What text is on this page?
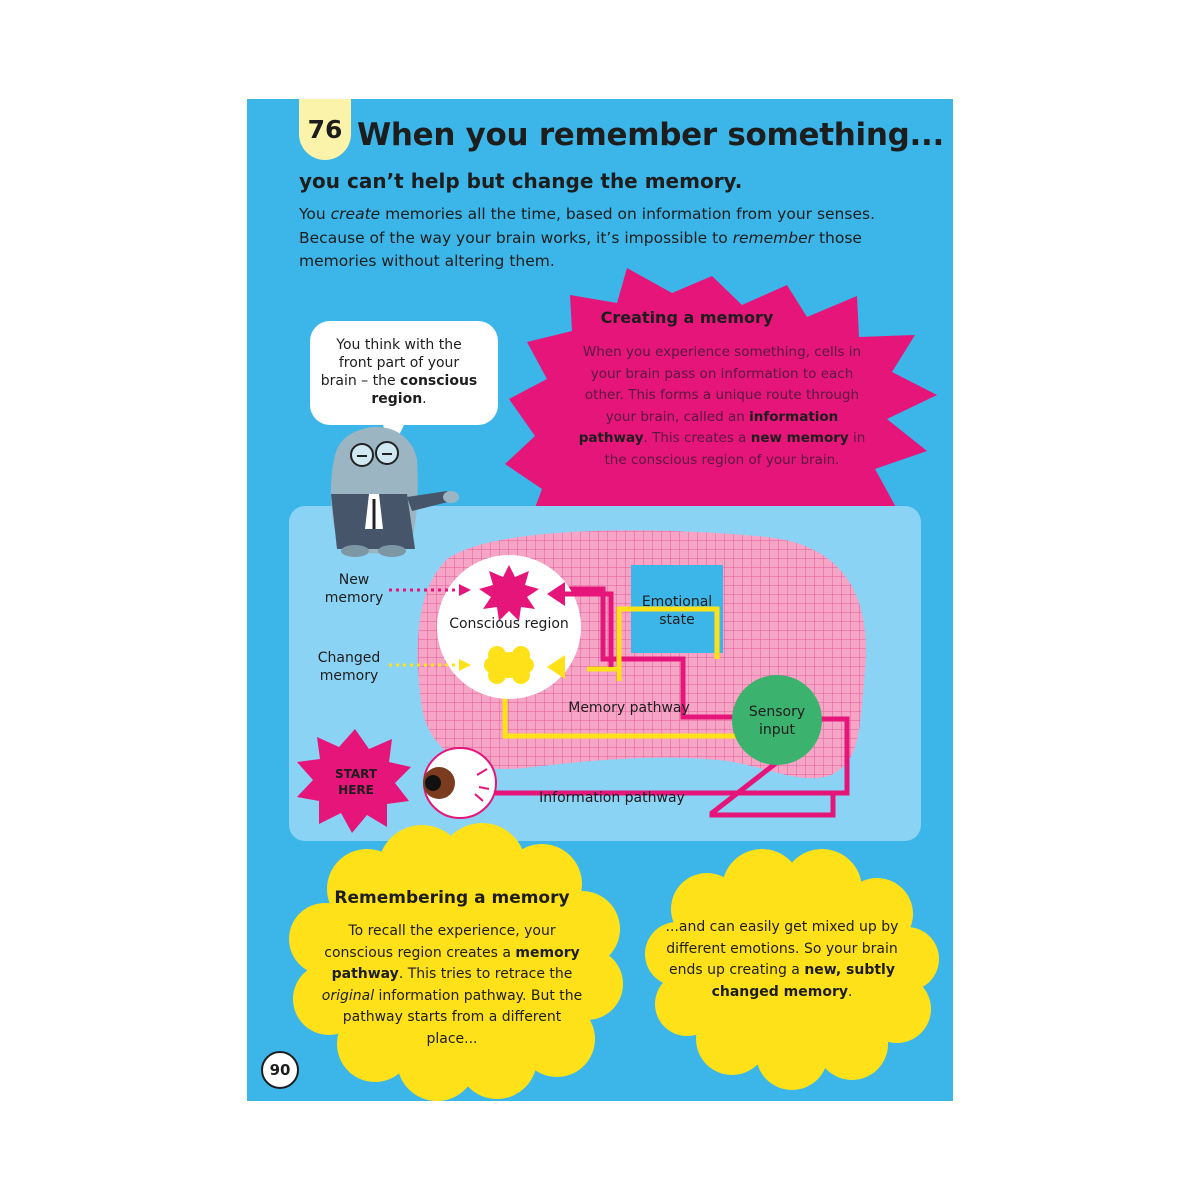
76 When you remember something...
you can’t help but change the memory.
You create memories all the time, based on information from your senses. Because of the way your brain works, it’s impossible to remember those memories without altering them.
You think with the front part of your brain – the conscious region.
Creating a memory
When you experience something, cells in your brain pass on information to each other. This forms a unique route through your brain, called an information pathway. This creates a new memory in the conscious region of your brain.
New memory
Changed memory
Conscious region
Emotional state
Sensory input
Memory pathway
Information pathway
START HERE
Remembering a memory
To recall the experience, your conscious region creates a memory pathway. This tries to retrace the original information pathway. But the pathway starts from a different place...
...and can easily get mixed up by different emotions. So your brain ends up creating a new, subtly changed memory.
90
